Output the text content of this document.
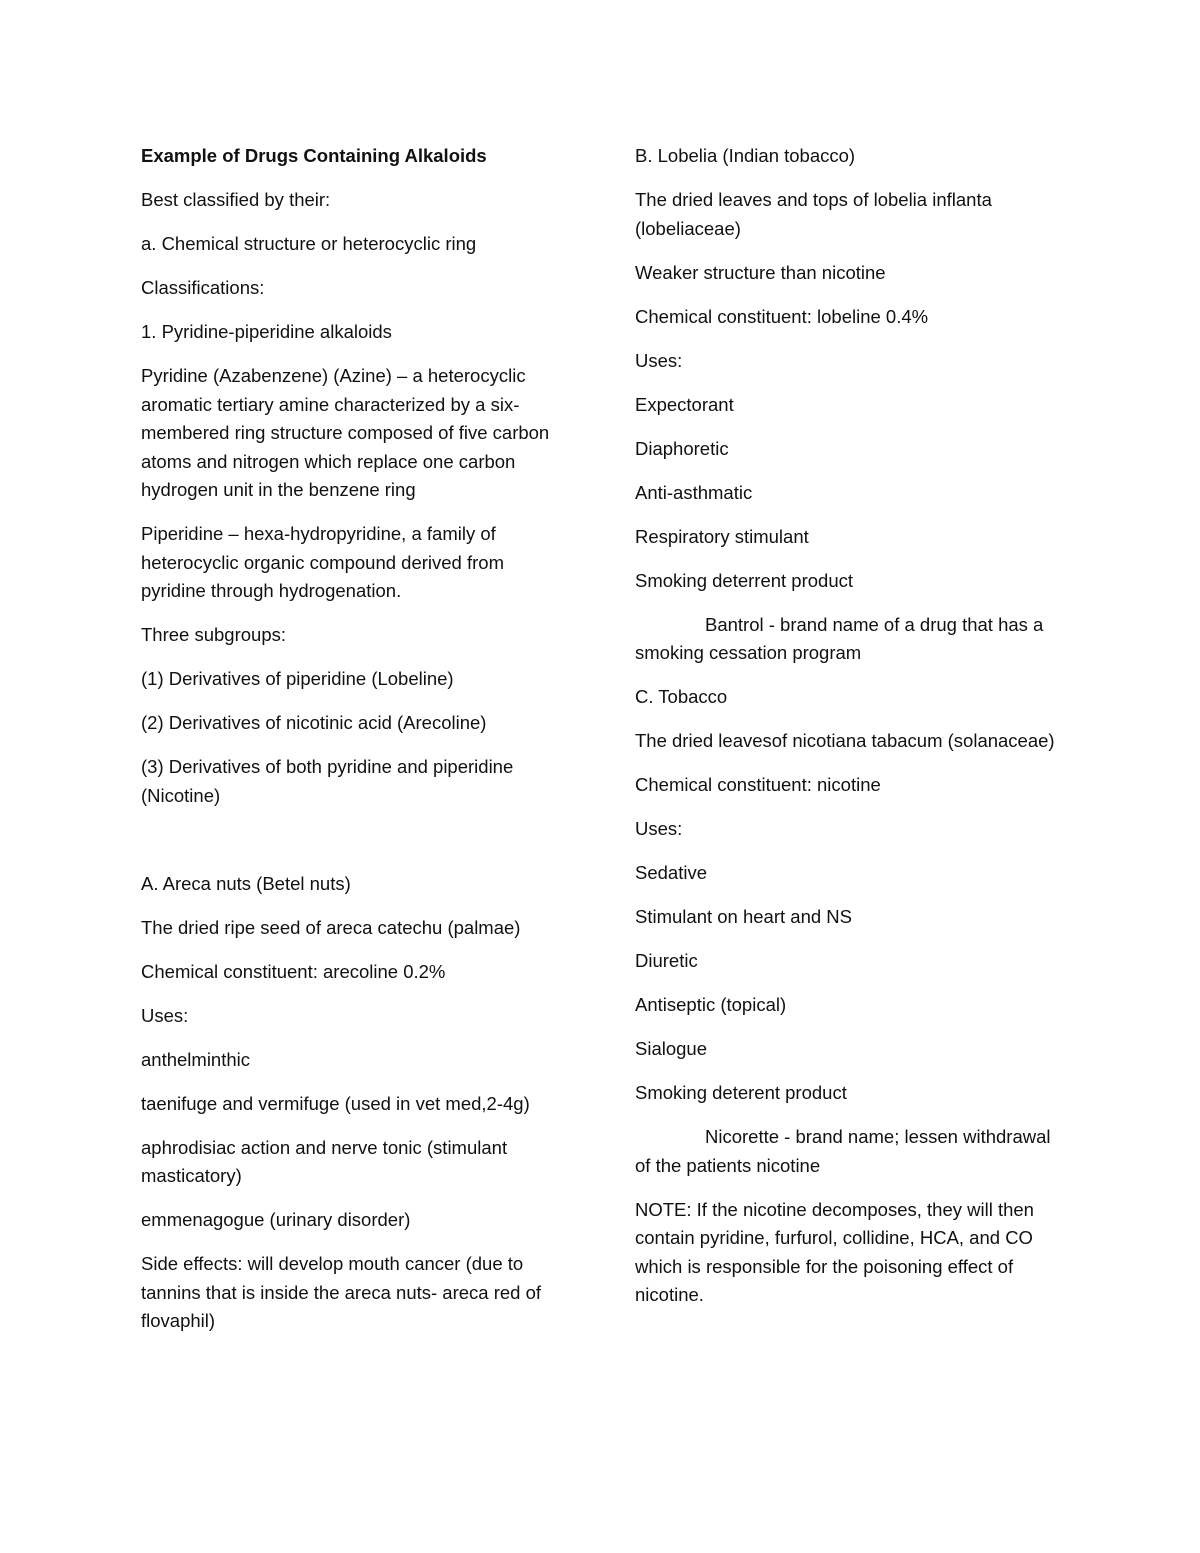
Example of Drugs Containing Alkaloids

Best classified by their:

a. Chemical structure or heterocyclic ring

Classifications:

1. Pyridine-piperidine alkaloids

Pyridine (Azabenzene) (Azine) – a heterocyclic aromatic tertiary amine characterized by a six-membered ring structure composed of five carbon atoms and nitrogen which replace one carbon hydrogen unit in the benzene ring

Piperidine – hexa-hydropyridine, a family of heterocyclic organic compound derived from pyridine through hydrogenation.

Three subgroups:

(1) Derivatives of piperidine (Lobeline)

(2) Derivatives of nicotinic acid (Arecoline)

(3) Derivatives of both pyridine and piperidine (Nicotine)

A. Areca nuts (Betel nuts)

The dried ripe seed of areca catechu (palmae)

Chemical constituent: arecoline 0.2%

Uses:

anthelminthic

taenifuge and vermifuge (used in vet med,2-4g)

aphrodisiac action and nerve tonic (stimulant masticatory)

emmenagogue (urinary disorder)

Side effects: will develop mouth cancer (due to tannins that is inside the areca nuts- areca red of flovaphil)

B. Lobelia (Indian tobacco)

The dried leaves and tops of lobelia inflanta (lobeliaceae)

Weaker structure than nicotine

Chemical constituent: lobeline 0.4%

Uses:

Expectorant

Diaphoretic

Anti-asthmatic

Respiratory stimulant

Smoking deterrent product

Bantrol - brand name of a drug that has a smoking cessation program

C. Tobacco

The dried leavesof nicotiana tabacum (solanaceae)

Chemical constituent: nicotine

Uses:

Sedative

Stimulant on heart and NS

Diuretic

Antiseptic (topical)

Sialogue

Smoking deterent product

Nicorette - brand name; lessen withdrawal of the patients nicotine

NOTE: If the nicotine decomposes, they will then contain pyridine, furfurol, collidine, HCA, and CO which is responsible for the poisoning effect of nicotine.
